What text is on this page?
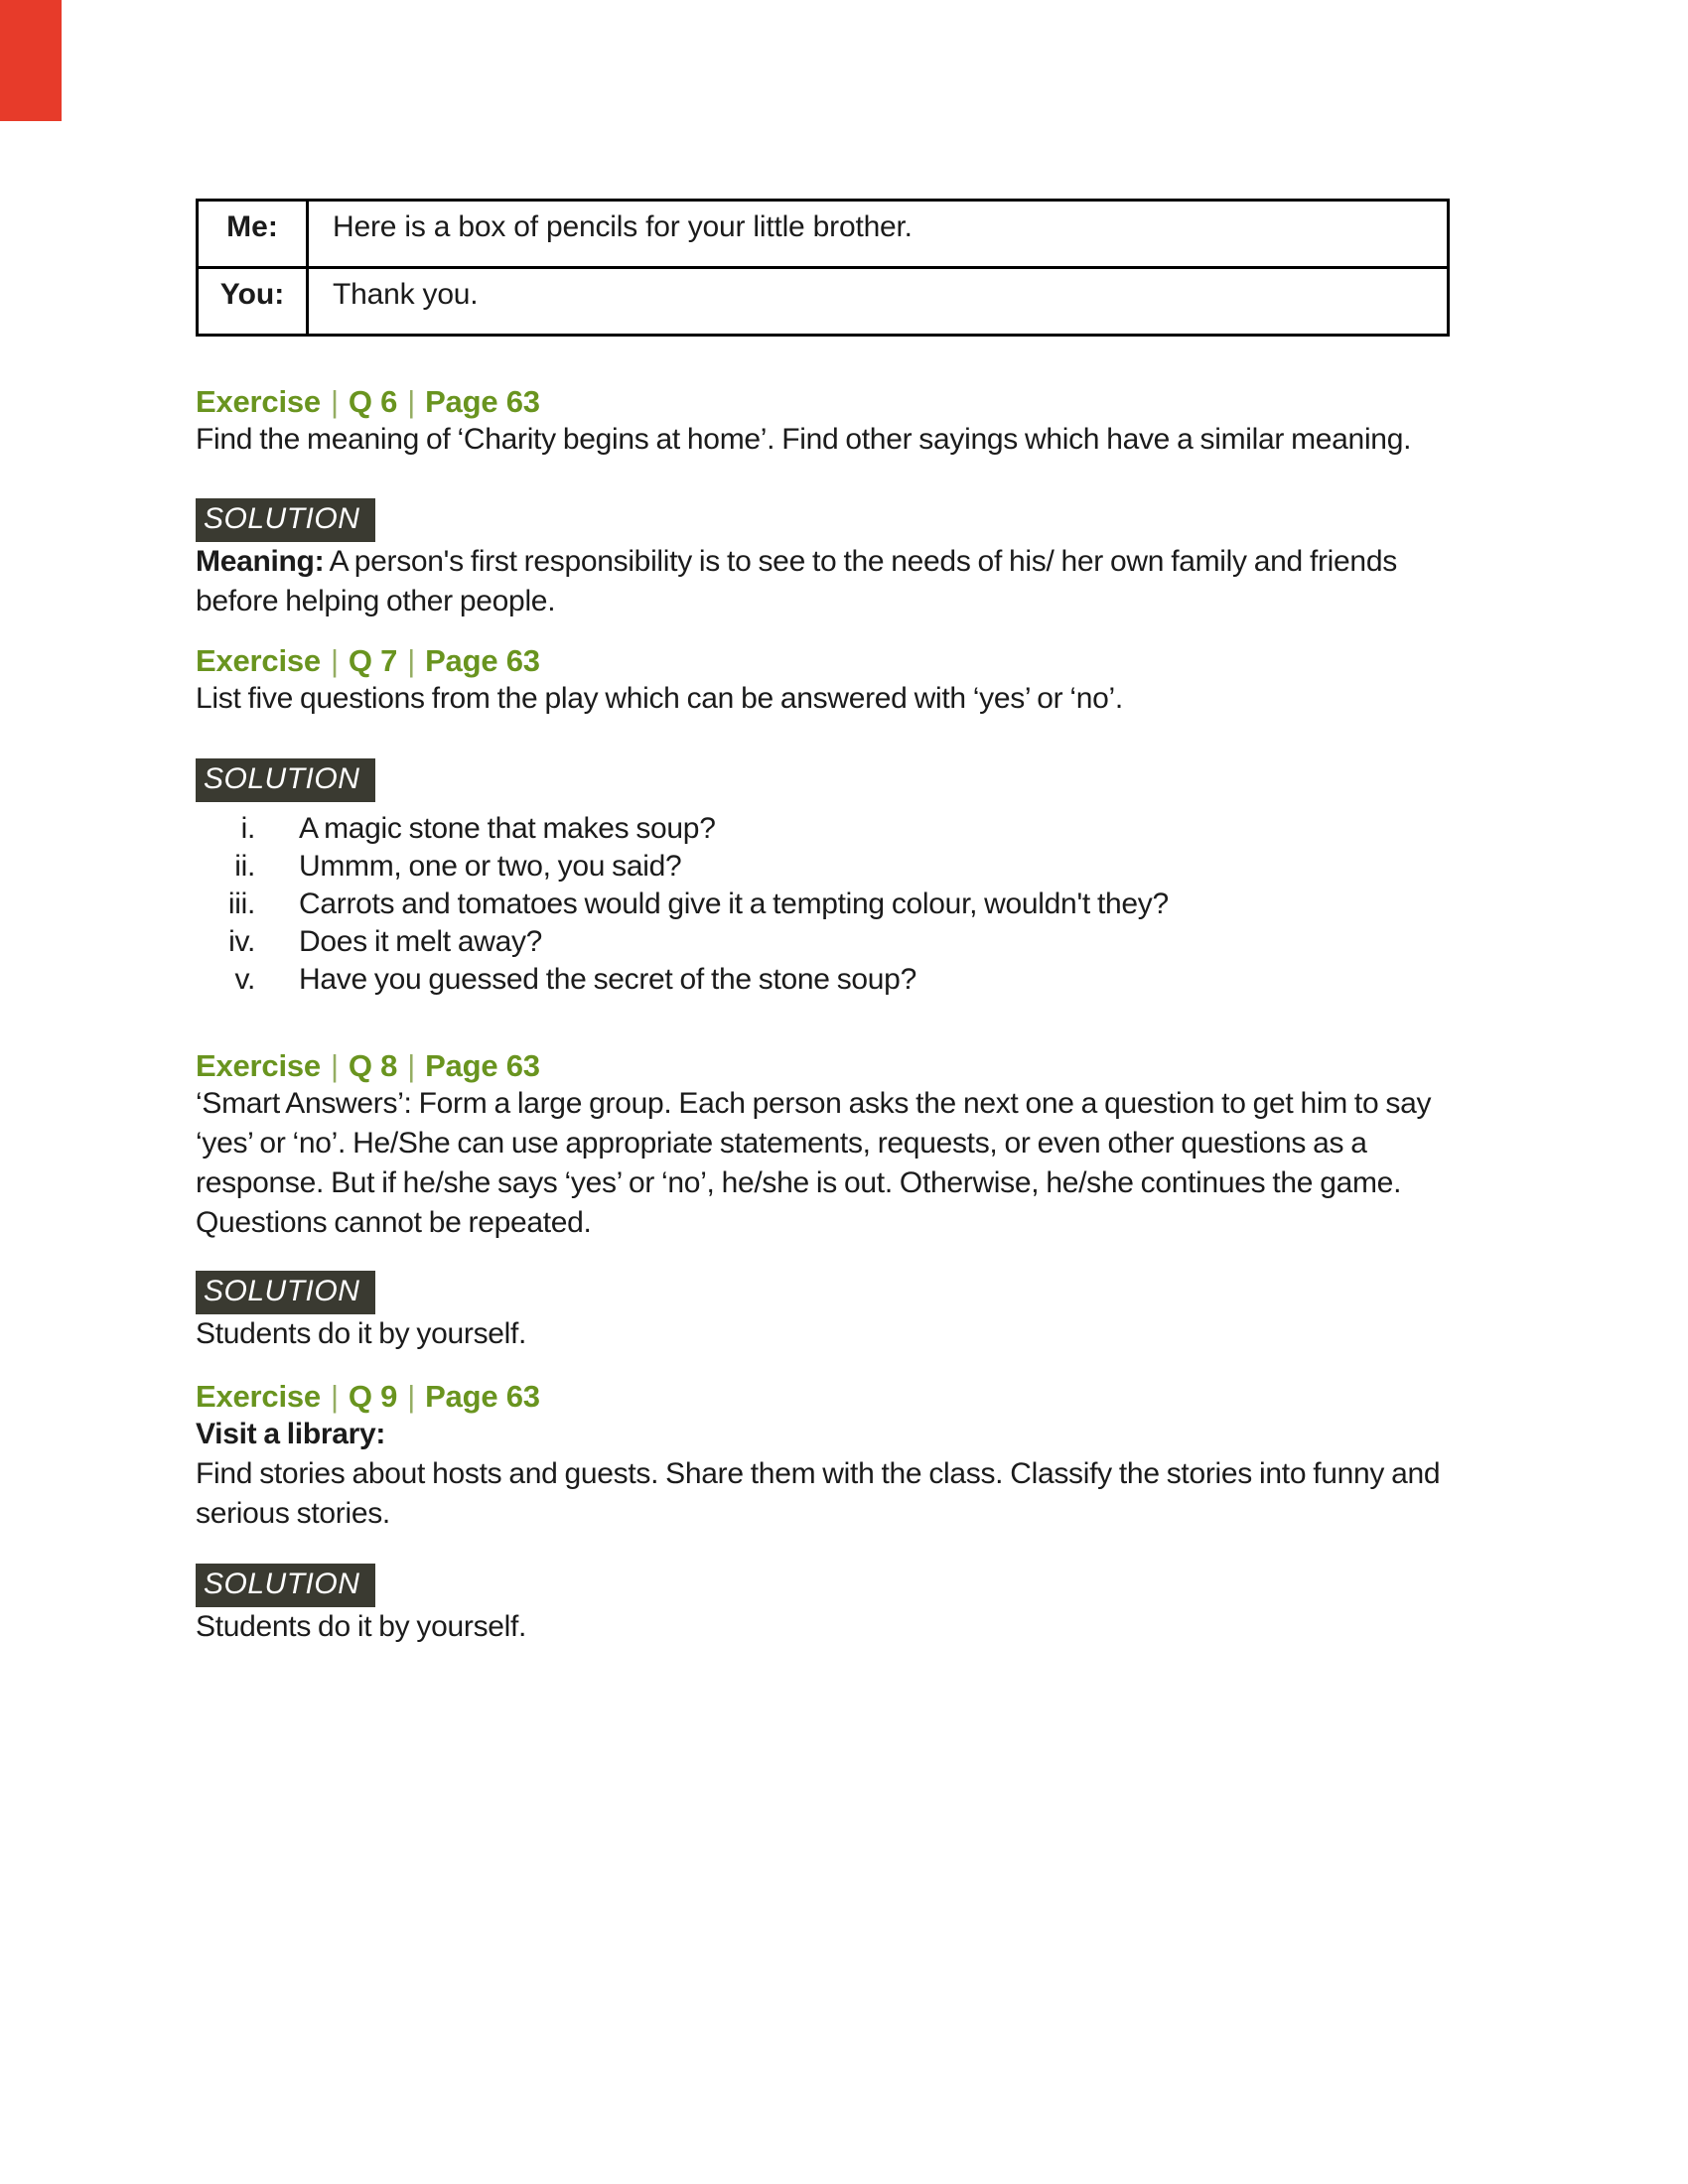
Me:	Here is a box of pencils for your little brother.
You:	Thank you.
Exercise | Q 6 | Page 63

Find the meaning of ‘Charity begins at home’. Find other sayings which have a similar meaning.

SOLUTION

Meaning: A person's first responsibility is to see to the needs of his/ her own family and friends before helping other people.

Exercise | Q 7 | Page 63

List five questions from the play which can be answered with ‘yes’ or ‘no’.

SOLUTION
i. A magic stone that makes soup?
ii. Ummm, one or two, you said?
iii. Carrots and tomatoes would give it a tempting colour, wouldn't they?
iv. Does it melt away?
v. Have you guessed the secret of the stone soup?
Exercise | Q 8 | Page 63

‘Smart Answers’: Form a large group. Each person asks the next one a question to get him to say ‘yes’ or ‘no’. He/She can use appropriate statements, requests, or even other questions as a response. But if he/she says ‘yes’ or ‘no’, he/she is out. Otherwise, he/she continues the game. Questions cannot be repeated.

SOLUTION

Students do it by yourself.

Exercise | Q 9 | Page 63

Visit a library:

Find stories about hosts and guests. Share them with the class. Classify the stories into funny and serious stories.

SOLUTION

Students do it by yourself.
